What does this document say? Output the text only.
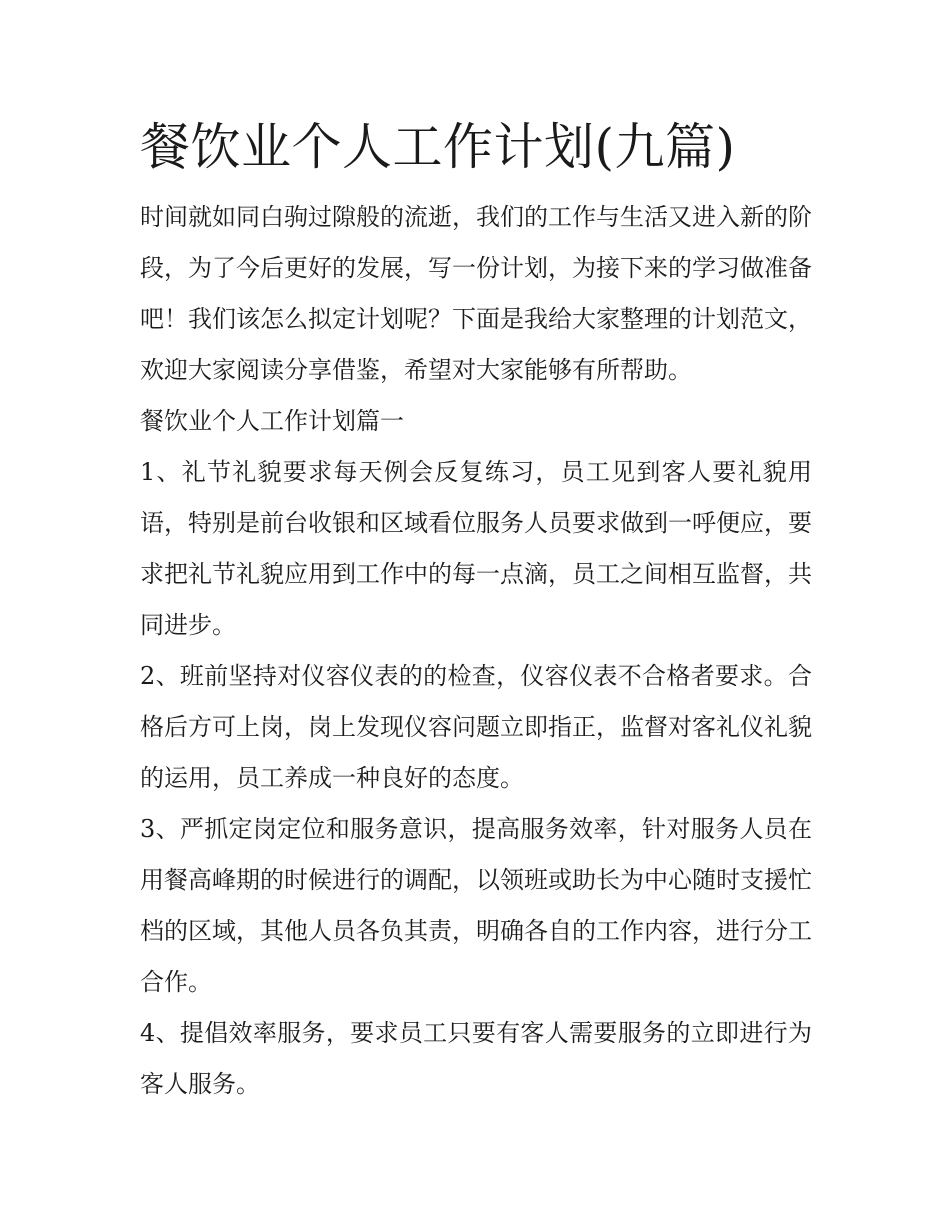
餐饮业个人工作计划(九篇)

时间就如同白驹过隙般的流逝，我们的工作与生活又进入新的阶段，为了今后更好的发展，写一份计划，为接下来的学习做准备吧！我们该怎么拟定计划呢？下面是我给大家整理的计划范文，欢迎大家阅读分享借鉴，希望对大家能够有所帮助。

餐饮业个人工作计划篇一

1、礼节礼貌要求每天例会反复练习，员工见到客人要礼貌用语，特别是前台收银和区域看位服务人员要求做到一呼便应，要求把礼节礼貌应用到工作中的每一点滴，员工之间相互监督，共同进步。

2、班前坚持对仪容仪表的的检查，仪容仪表不合格者要求。合格后方可上岗，岗上发现仪容问题立即指正，监督对客礼仪礼貌的运用，员工养成一种良好的态度。

3、严抓定岗定位和服务意识，提高服务效率，针对服务人员在用餐高峰期的时候进行的调配，以领班或助长为中心随时支援忙档的区域，其他人员各负其责，明确各自的工作内容，进行分工合作。

4、提倡效率服务，要求员工只要有客人需要服务的立即进行为客人服务。
